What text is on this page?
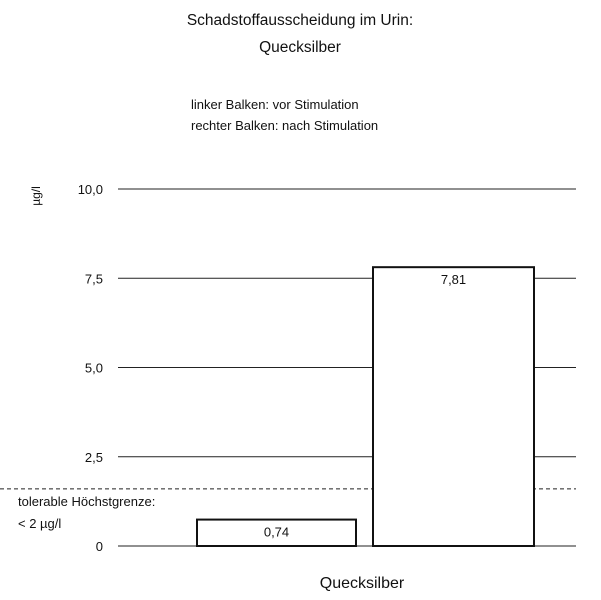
Schadstoffausscheidung im Urin:
Quecksilber
linker Balken: vor Stimulation
rechter Balken: nach Stimulation
µg/l
0
2,5
5,0
7,5
10,0
tolerable Höchstgrenze:
< 2 µg/l
0,74
7,81
Quecksilber
